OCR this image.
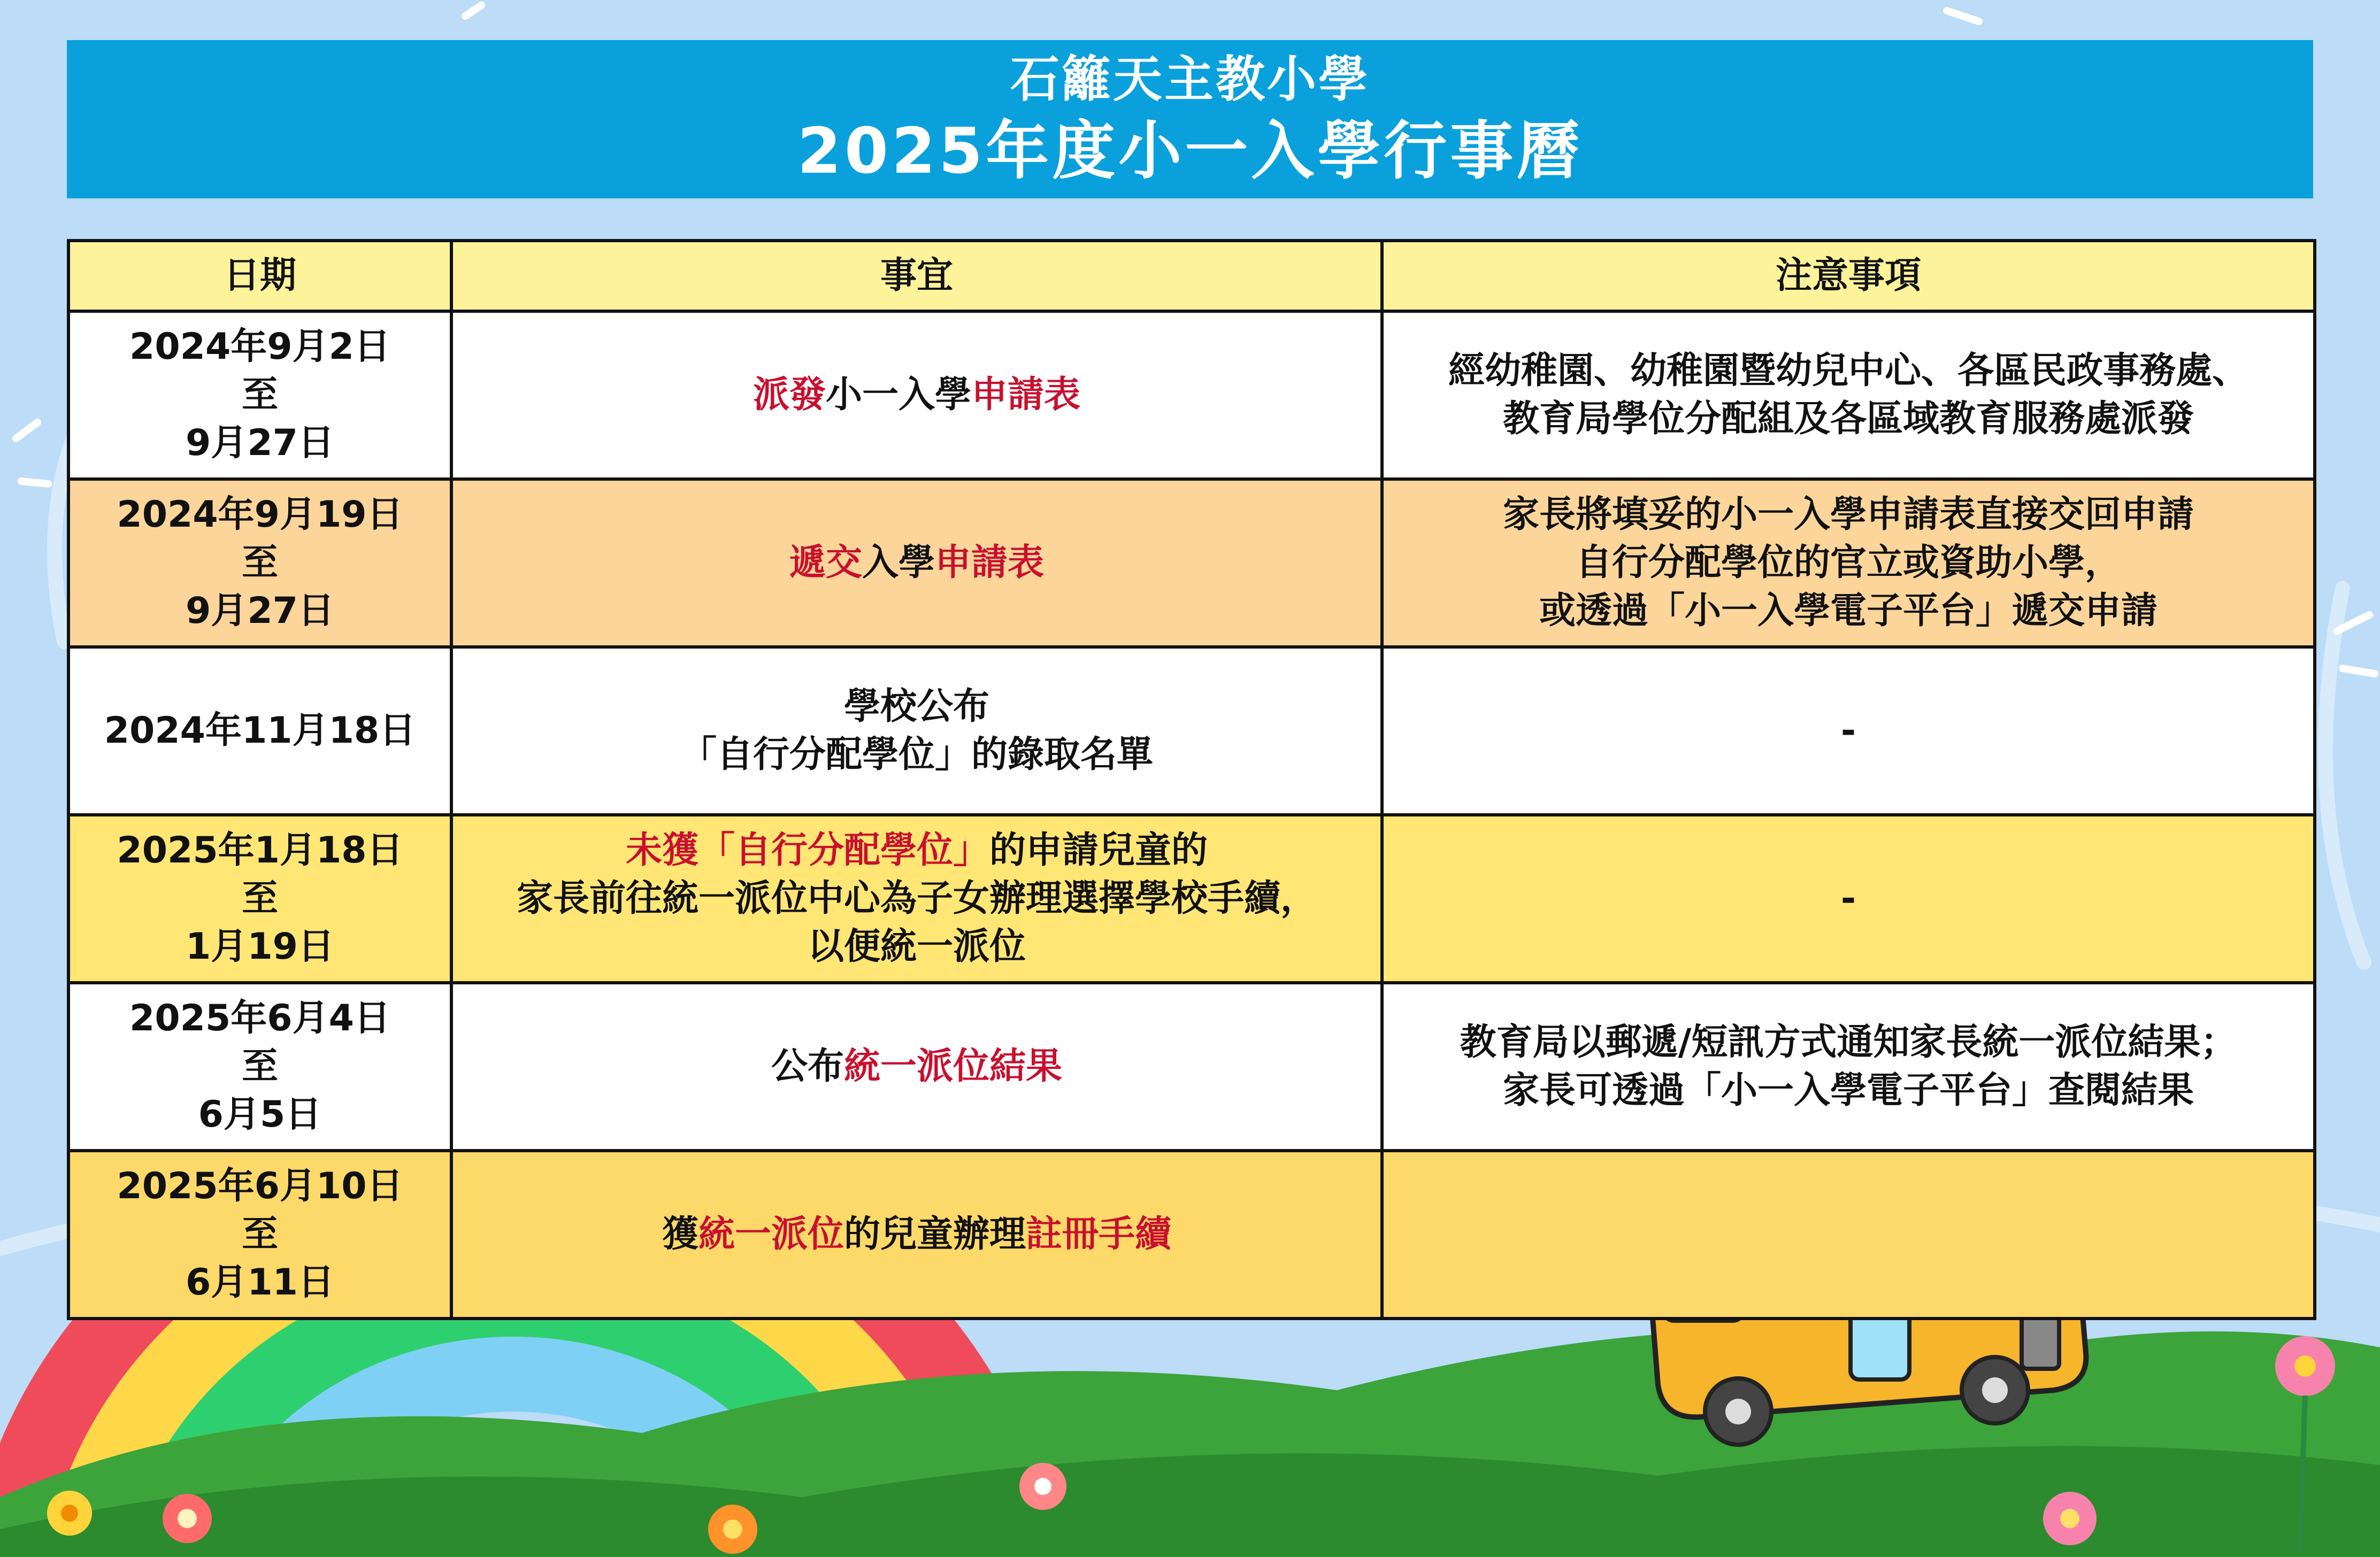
石籬天主教小學
2025年度小一入學行事曆
日期	事宜	注意事項

2024年9月2日
至
9月27日	派發小一入學申請表	經幼稚園、幼稚園暨幼兒中心、各區民政事務處、
教育局學位分配組及各區域教育服務處派發

2024年9月19日
至
9月27日	遞交入學申請表	家長將填妥的小一入學申請表直接交回申請
自行分配學位的官立或資助小學，
或透過「小一入學電子平台」遞交申請

2024年11月18日	學校公布
「自行分配學位」的錄取名單	-

2025年1月18日
至
1月19日	未獲「自行分配學位」的申請兒童的
家長前往統一派位中心為子女辦理選擇學校手續，
以便統一派位	-

2025年6月4日
至
6月5日	公布統一派位結果	教育局以郵遞/短訊方式通知家長統一派位結果；
家長可透過「小一入學電子平台」查閱結果

2025年6月10日
至
6月11日	獲統一派位的兒童辦理註冊手續	
